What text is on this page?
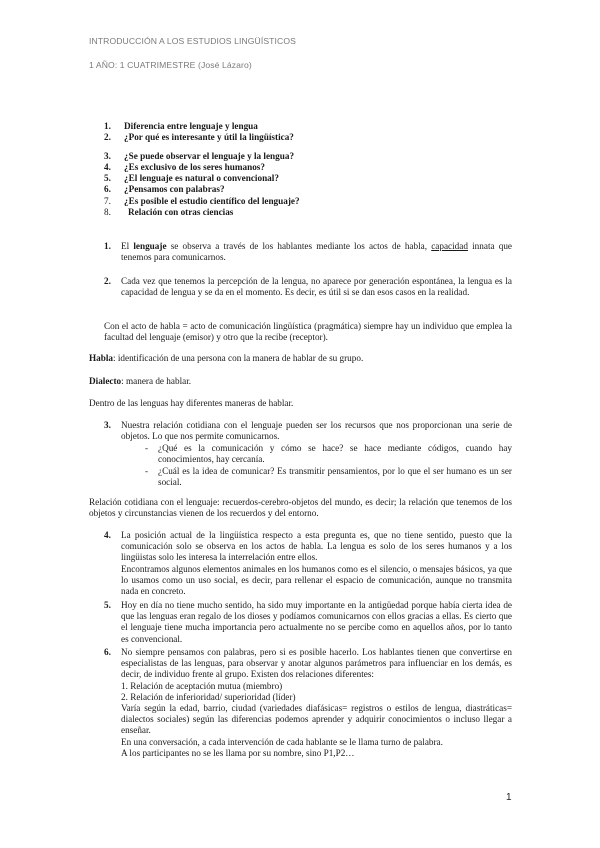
INTRODUCCIÓN A LOS ESTUDIOS LINGÜÍSTICOS
1 AÑO: 1 CUATRIMESTRE (José Lázaro)
1.	Diferencia entre lenguaje y lengua
2.	¿Por qué es interesante y útil la lingüística?
3.	¿Se puede observar el lenguaje y la lengua?
4.	¿Es exclusivo de los seres humanos?
5.	¿El lenguaje es natural o convencional?
6.	¿Pensamos con palabras?
7.	¿Es posible el estudio científico del lenguaje?
8.	Relación con otras ciencias
1. El lenguaje se observa a través de los hablantes mediante los actos de habla, capacidad innata que tenemos para comunicarnos.
2. Cada vez que tenemos la percepción de la lengua, no aparece por generación espontánea, la lengua es la capacidad de lengua y se da en el momento. Es decir, es útil si se dan esos casos en la realidad.
Con el acto de habla = acto de comunicación lingüística (pragmática) siempre hay un individuo que emplea la facultad del lenguaje (emisor) y otro que la recibe (receptor).
Habla: identificación de una persona con la manera de hablar de su grupo.
Dialecto: manera de hablar.
Dentro de las lenguas hay diferentes maneras de hablar.
3. Nuestra relación cotidiana con el lenguaje pueden ser los recursos que nos proporcionan una serie de objetos. Lo que nos permite comunicarnos.
- ¿Qué es la comunicación y cómo se hace? se hace mediante códigos, cuando hay conocimientos, hay cercanía.
- ¿Cuál es la idea de comunicar? Es transmitir pensamientos, por lo que el ser humano es un ser social.
Relación cotidiana con el lenguaje: recuerdos-cerebro-objetos del mundo, es decir; la relación que tenemos de los objetos y circunstancias vienen de los recuerdos y del entorno.
4. La posición actual de la lingüística respecto a esta pregunta es, que no tiene sentido, puesto que la comunicación solo se observa en los actos de habla. La lengua es solo de los seres humanos y a los lingüistas solo les interesa la interrelación entre ellos.
Encontramos algunos elementos animales en los humanos como es el silencio, o mensajes básicos, ya que lo usamos como un uso social, es decir, para rellenar el espacio de comunicación, aunque no transmita nada en concreto.
5. Hoy en día no tiene mucho sentido, ha sido muy importante en la antigüedad porque había cierta idea de que las lenguas eran regalo de los dioses y podíamos comunicarnos con ellos gracias a ellas. Es cierto que el lenguaje tiene mucha importancia pero actualmente no se percibe como en aquellos años, por lo tanto es convencional.
6. No siempre pensamos con palabras, pero si es posible hacerlo. Los hablantes tienen que convertirse en especialistas de las lenguas, para observar y anotar algunos parámetros para influenciar en los demás, es decir, de individuo frente al grupo. Existen dos relaciones diferentes:
1. Relación de aceptación mutua (miembro)
2. Relación de inferioridad/ superioridad (líder)
Varía según la edad, barrio, ciudad (variedades diafásicas= registros o estilos de lengua, diastráticas= dialectos sociales) según las diferencias podemos aprender y adquirir conocimientos o incluso llegar a enseñar.
En una conversación, a cada intervención de cada hablante se le llama turno de palabra.
A los participantes no se les llama por su nombre, sino P1,P2…
1
